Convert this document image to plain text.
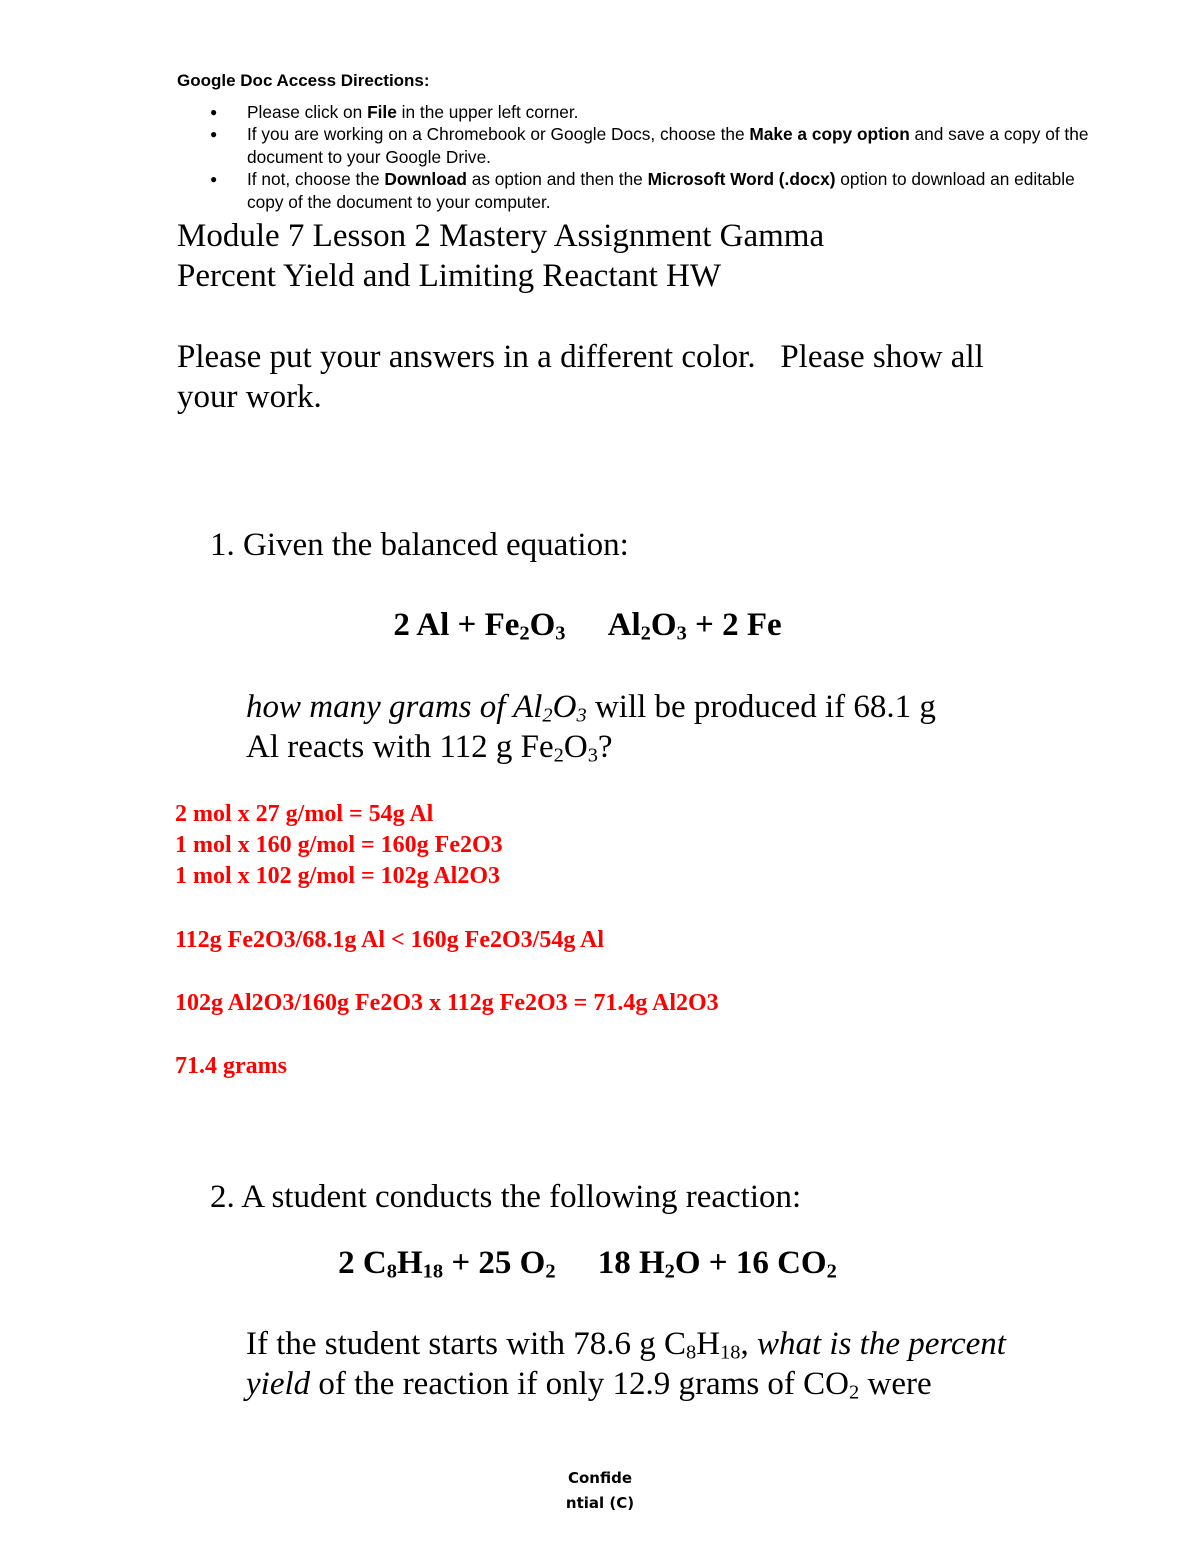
Google Doc Access Directions:

● Please click on File in the upper left corner.
● If you are working on a Chromebook or Google Docs, choose the Make a copy option and save a copy of the document to your Google Drive.
● If not, choose the Download as option and then the Microsoft Word (.docx) option to download an editable copy of the document to your computer.
Module 7 Lesson 2 Mastery Assignment Gamma
Percent Yield and Limiting Reactant HW

Please put your answers in a different color.   Please show all
your work.

1. Given the balanced equation:

2 $Al + Fe_2O_3$ $Al_2O_3 + 2$ Fe

how many grams of $Al_2O_3$ will be produced if 68.1 g
Al reacts with 112 g $Fe_2O_3$?

2 mol x 27 g/mol = 54g Al

1 mol x 160 g/mol = 160g Fe2O3

1 mol x 102 g/mol = 102g Al2O3

112g Fe2O3/68.1g Al < 160g Fe2O3/54g Al

102g Al2O3/160g Fe2O3 x 112g Fe2O3 = 71.4g Al2O3

71.4 grams

2. A student conducts the following reaction:

2 $C_8H_{18} + 25$ $O_2$ 18 $H_2O + 16$ $CO_2$

If the student starts with 78.6 g $C_8H_{18}$, what is the percent
yield of the reaction if only 12.9 grams of $CO_2$ were

Confide
ntial (C)
